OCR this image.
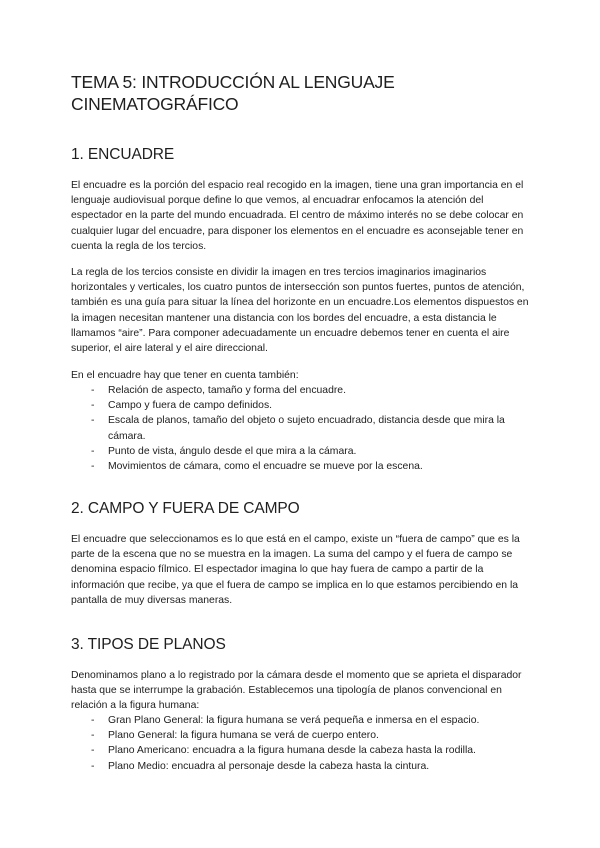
TEMA 5: INTRODUCCIÓN AL LENGUAJE CINEMATOGRÁFICO
1. ENCUADRE

El encuadre es la porción del espacio real recogido en la imagen, tiene una gran importancia en el lenguaje audiovisual porque define lo que vemos, al encuadrar enfocamos la atención del espectador en la parte del mundo encuadrada. El centro de máximo interés no se debe colocar en cualquier lugar del encuadre, para disponer los elementos en el encuadre es aconsejable tener en cuenta la regla de los tercios.

La regla de los tercios consiste en dividir la imagen en tres tercios imaginarios imaginarios horizontales y verticales, los cuatro puntos de intersección son puntos fuertes, puntos de atención, también es una guía para situar la línea del horizonte en un encuadre.Los elementos dispuestos en la imagen necesitan mantener una distancia con los bordes del encuadre, a esta distancia le llamamos “aire”. Para componer adecuadamente un encuadre debemos tener en cuenta el aire superior, el aire lateral y el aire direccional.

En el encuadre hay que tener en cuenta también:

- Relación de aspecto, tamaño y forma del encuadre.
- Campo y fuera de campo definidos.
- Escala de planos, tamaño del objeto o sujeto encuadrado, distancia desde que mira la cámara.
- Punto de vista, ángulo desde el que mira a la cámara.
- Movimientos de cámara, como el encuadre se mueve por la escena.
2. CAMPO Y FUERA DE CAMPO

El encuadre que seleccionamos es lo que está en el campo, existe un “fuera de campo” que es la parte de la escena que no se muestra en la imagen. La suma del campo y el fuera de campo se denomina espacio fílmico. El espectador imagina lo que hay fuera de campo a partir de la información que recibe, ya que el fuera de campo se implica en lo que estamos percibiendo en la pantalla de muy diversas maneras.

3. TIPOS DE PLANOS

Denominamos plano a lo registrado por la cámara desde el momento que se aprieta el disparador hasta que se interrumpe la grabación. Establecemos una tipología de planos convencional en relación a la figura humana:

- Gran Plano General: la figura humana se verá pequeña e inmersa en el espacio.
- Plano General: la figura humana se verá de cuerpo entero.
- Plano Americano: encuadra a la figura humana desde la cabeza hasta la rodilla.
- Plano Medio: encuadra al personaje desde la cabeza hasta la cintura.
